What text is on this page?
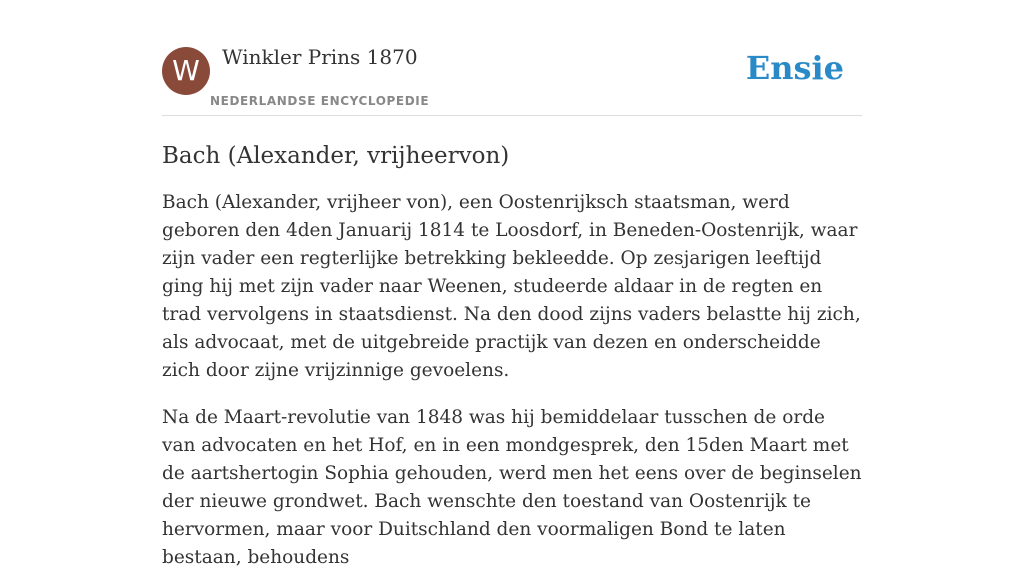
W	Winkler Prins 1870
NEDERLANDSE ENCYCLOPEDIE
Ensie
Bach (Alexander, vrijheervon)

Bach (Alexander, vrijheer von), een Oostenrijksch staatsman, werd geboren den 4den Januarij 1814 te Loosdorf, in Beneden-Oostenrijk, waar zijn vader een regterlijke betrekking bekleedde. Op zesjarigen leeftijd ging hij met zijn vader naar Weenen, studeerde aldaar in de regten en trad vervolgens in staatsdienst. Na den dood zijns vaders belastte hij zich, als advocaat, met de uitgebreide practijk van dezen en onderscheidde zich door zijne vrijzinnige gevoelens.

Na de Maart-revolutie van 1848 was hij bemiddelaar tusschen de orde van advocaten en het Hof, en in een mondgesprek, den 15den Maart met de aartshertogin Sophia gehouden, werd men het eens over de beginselen der nieuwe grondwet. Bach wenschte den toestand van Oostenrijk te hervormen, maar voor Duitschland den voormaligen Bond te laten bestaan, behoudens
